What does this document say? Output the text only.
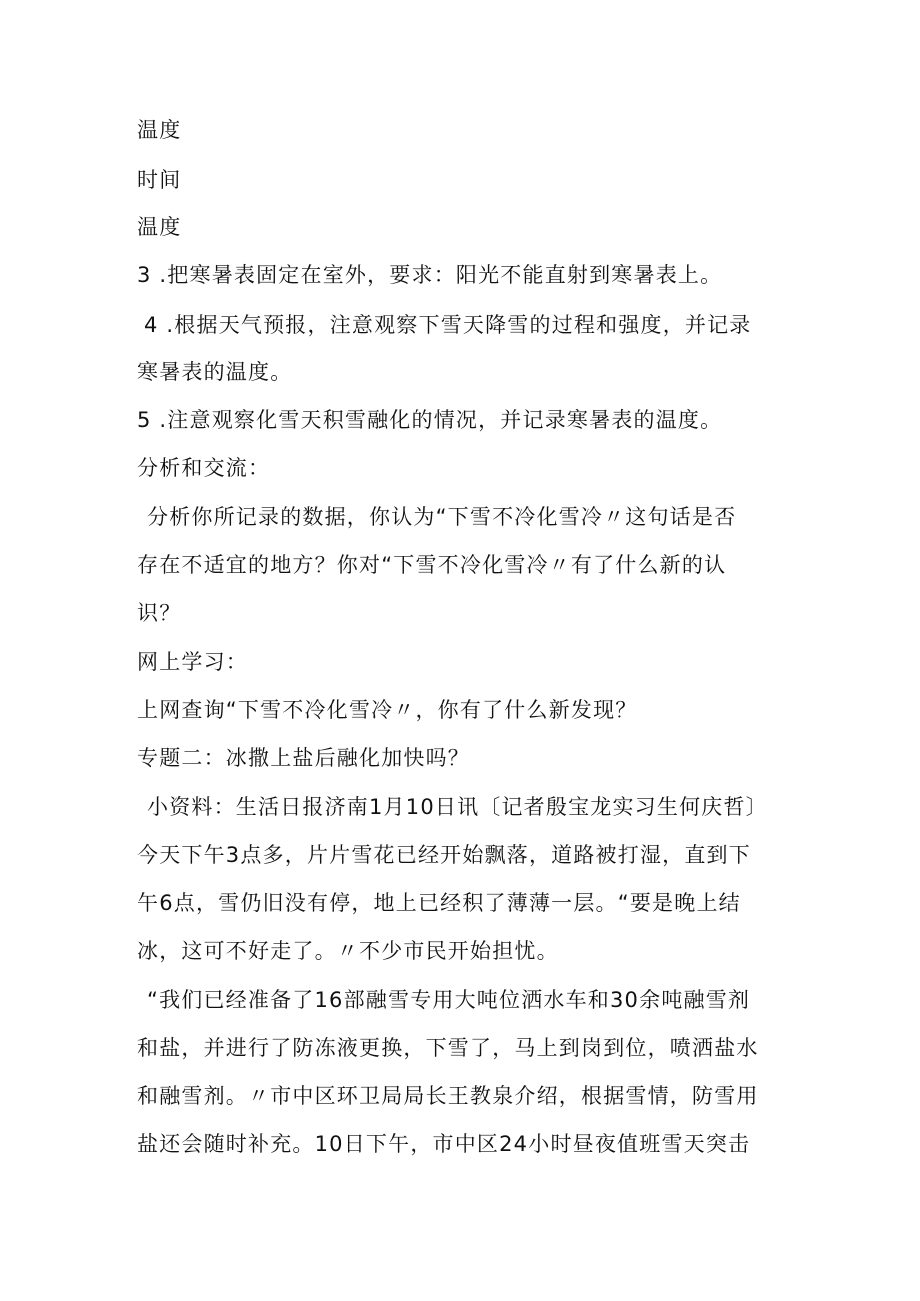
温度
时间
温度
3 .把寒暑表固定在室外，要求：阳光不能直射到寒暑表上。
4 .根据天气预报，注意观察下雪天降雪的过程和强度，并记录
寒暑表的温度。
5 .注意观察化雪天积雪融化的情况，并记录寒暑表的温度。
分析和交流：
分析你所记录的数据，你认为“下雪不冷化雪冷〃这句话是否
存在不适宜的地方？你对“下雪不冷化雪冷〃有了什么新的认
识？
网上学习：
上网查询“下雪不冷化雪冷〃，你有了什么新发现？
专题二：冰撒上盐后融化加快吗？
小资料：生活日报济南1月10日讯〔记者殷宝龙实习生何庆哲〕
今天下午3点多，片片雪花已经开始飘落，道路被打湿，直到下
午6点，雪仍旧没有停，地上已经积了薄薄一层。“要是晚上结
冰，这可不好走了。〃不少市民开始担忧。
“我们已经准备了16部融雪专用大吨位洒水车和30余吨融雪剂
和盐，并进行了防冻液更换，下雪了，马上到岗到位，喷洒盐水
和融雪剂。〃市中区环卫局局长王教泉介绍，根据雪情，防雪用
盐还会随时补充。10日下午，市中区24小时昼夜值班雪天突击
